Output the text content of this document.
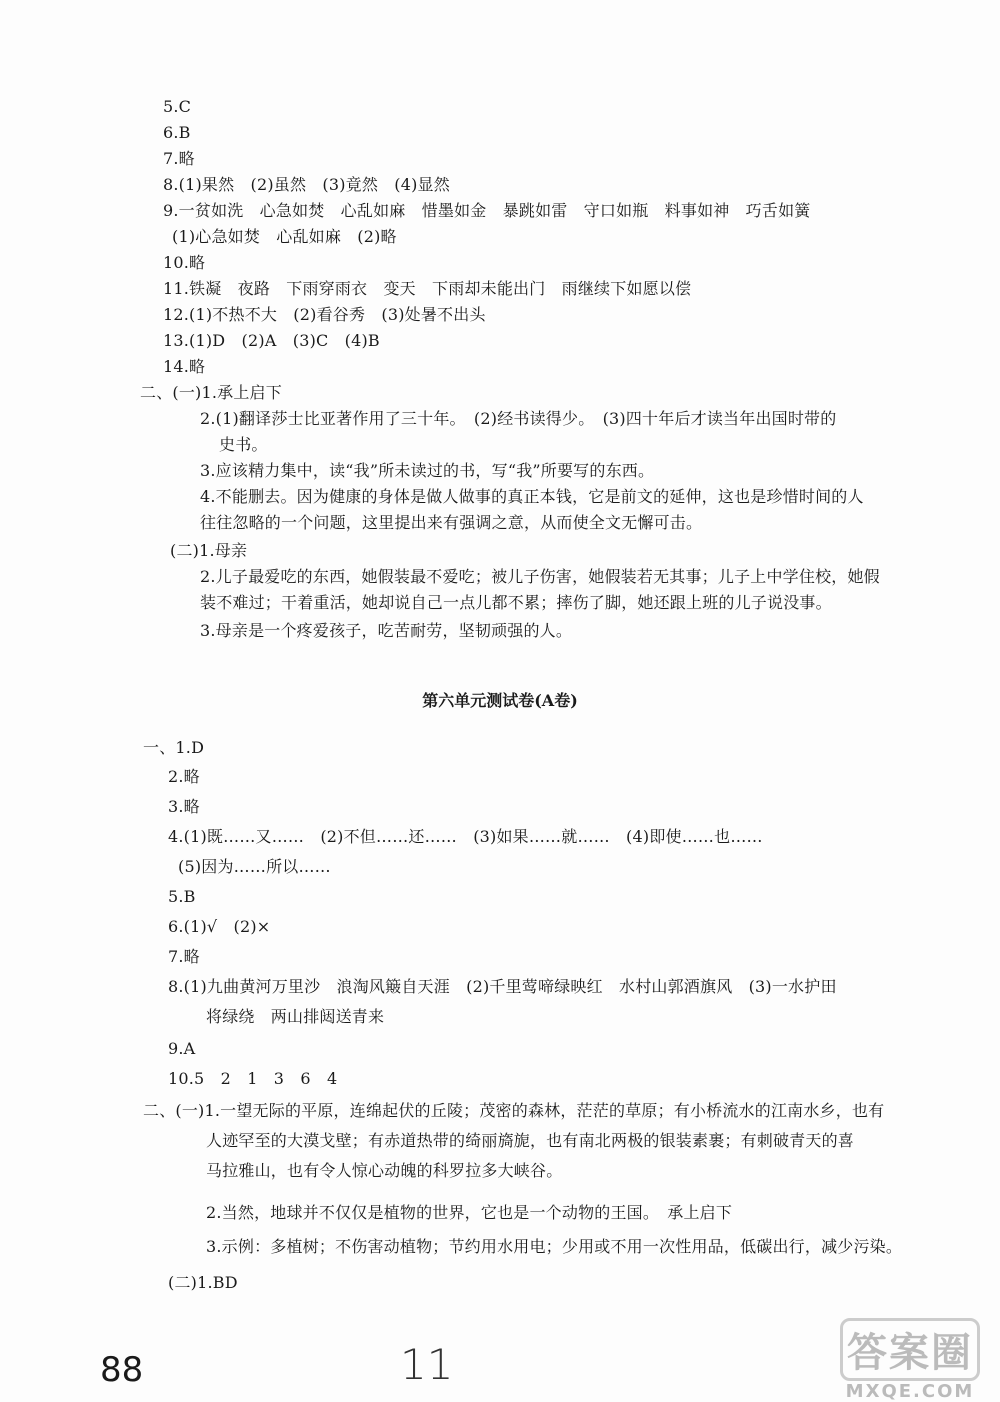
5.C
6.B
7.略
8.(1)果然　(2)虽然　(3)竟然　(4)显然
9.一贫如洗　心急如焚　心乱如麻　惜墨如金　暴跳如雷　守口如瓶　料事如神　巧舌如簧
(1)心急如焚　心乱如麻　(2)略
10.略
11.铁凝　夜路　下雨穿雨衣　变天　下雨却未能出门　雨继续下如愿以偿
12.(1)不热不大　(2)看谷秀　(3)处暑不出头
13.(1)D　(2)A　(3)C　(4)B
14.略
二、(一)1.承上启下
2.(1)翻译莎士比亚著作用了三十年。　(2)经书读得少。　(3)四十年后才读当年出国时带的
史书。
3.应该精力集中，读“我”所未读过的书，写“我”所要写的东西。
4.不能删去。因为健康的身体是做人做事的真正本钱，它是前文的延伸，这也是珍惜时间的人
往往忽略的一个问题，这里提出来有强调之意，从而使全文无懈可击。
(二)1.母亲
2.儿子最爱吃的东西，她假装最不爱吃；被儿子伤害，她假装若无其事；儿子上中学住校，她假
装不难过；干着重活，她却说自己一点儿都不累；摔伤了脚，她还跟上班的儿子说没事。
3.母亲是一个疼爱孩子，吃苦耐劳，坚韧顽强的人。
第六单元测试卷(A卷)
一、1.D
2.略
3.略
4.(1)既……又……　(2)不但……还……　(3)如果……就……　(4)即使……也……
(5)因为……所以……
5.B
6.(1)√　(2)×
7.略
8.(1)九曲黄河万里沙　浪淘风簸自天涯　(2)千里莺啼绿映红　水村山郭酒旗风　(3)一水护田
将绿绕　两山排闼送青来
9.A
10.5　2　1　3　6　4
二、(一)1.一望无际的平原，连绵起伏的丘陵；茂密的森林，茫茫的草原；有小桥流水的江南水乡，也有
人迹罕至的大漠戈壁；有赤道热带的绮丽旖旎，也有南北两极的银装素裹；有刺破青天的喜
马拉雅山，也有令人惊心动魄的科罗拉多大峡谷。
2.当然，地球并不仅仅是植物的世界，它也是一个动物的王国。　承上启下
3.示例：多植树；不伤害动植物；节约用水用电；少用或不用一次性用品，低碳出行，减少污染。
(二)1.BD
88	11	答案圈
MXQE.COM
